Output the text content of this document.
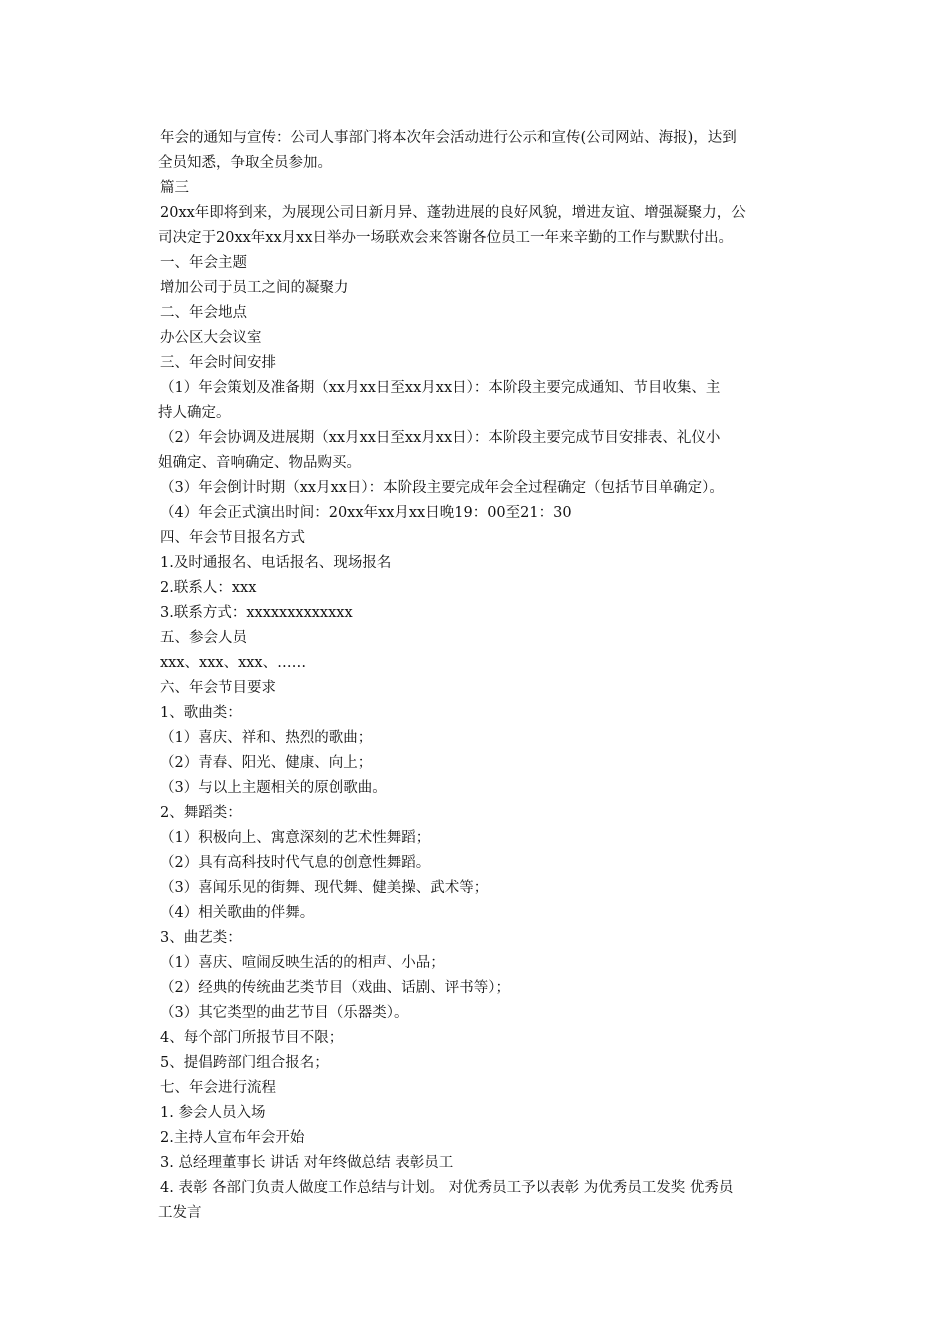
年会的通知与宣传：公司人事部门将本次年会活动进行公示和宣传(公司网站、海报)，达到
全员知悉，争取全员参加。
篇三
20xx年即将到来，为展现公司日新月异、蓬勃进展的良好风貌，增进友谊、增强凝聚力，公
司决定于20xx年xx月xx日举办一场联欢会来答谢各位员工一年来辛勤的工作与默默付出。
一、年会主题
增加公司于员工之间的凝聚力
二、年会地点
办公区大会议室
三、年会时间安排
（1）年会策划及准备期（xx月xx日至xx月xx日）：本阶段主要完成通知、节目收集、主
持人确定。
（2）年会协调及进展期（xx月xx日至xx月xx日）：本阶段主要完成节目安排表、礼仪小
姐确定、音响确定、物品购买。
（3）年会倒计时期（xx月xx日）：本阶段主要完成年会全过程确定（包括节目单确定）。
（4）年会正式演出时间：20xx年xx月xx日晚19：00至21：30
四、年会节目报名方式
1.及时通报名、电话报名、现场报名
2.联系人：xxx
3.联系方式：xxxxxxxxxxxxx
五、参会人员
xxx、xxx、xxx、……
六、年会节目要求
1、歌曲类：
（1）喜庆、祥和、热烈的歌曲；
（2）青春、阳光、健康、向上；
（3）与以上主题相关的原创歌曲。
2、舞蹈类：
（1）积极向上、寓意深刻的艺术性舞蹈；
（2）具有高科技时代气息的创意性舞蹈。
（3）喜闻乐见的街舞、现代舞、健美操、武术等；
（4）相关歌曲的伴舞。
3、曲艺类：
（1）喜庆、喧闹反映生活的的相声、小品；
（2）经典的传统曲艺类节目（戏曲、话剧、评书等）；
（3）其它类型的曲艺节目（乐器类）。
4、每个部门所报节目不限；
5、提倡跨部门组合报名；
七、年会进行流程
1. 参会人员入场
2.主持人宣布年会开始
3. 总经理董事长 讲话 对年终做总结 表彰员工
4. 表彰 各部门负责人做度工作总结与计划。 对优秀员工予以表彰 为优秀员工发奖 优秀员
工发言
